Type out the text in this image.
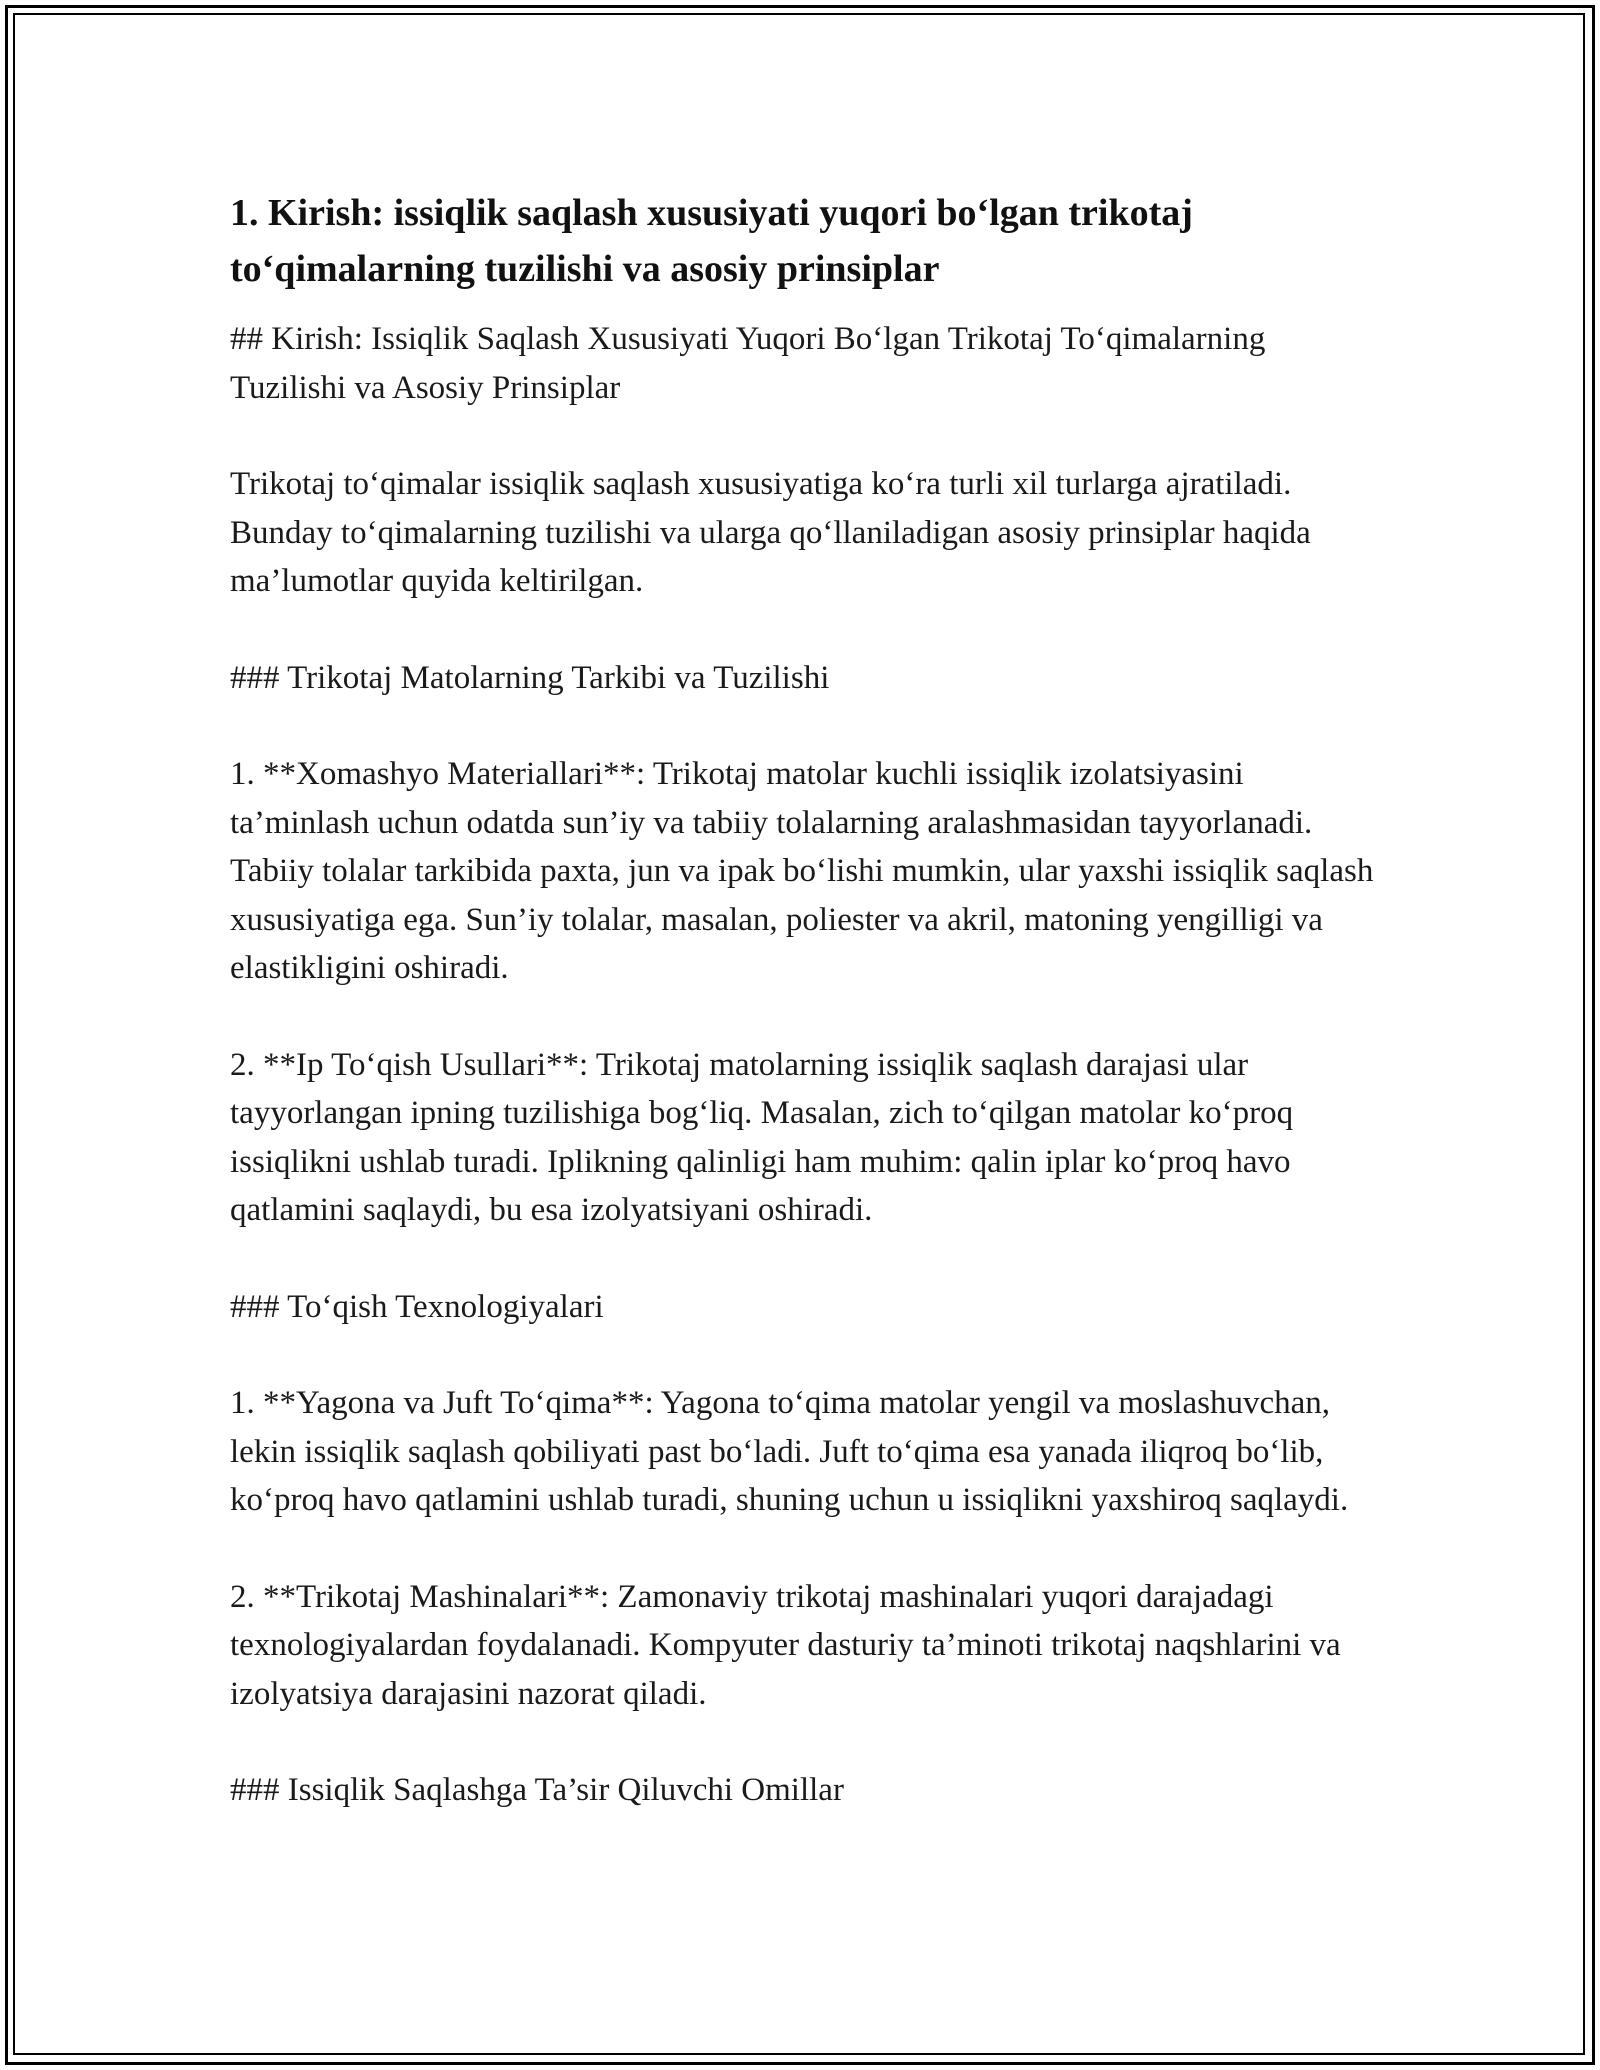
1. Kirish: issiqlik saqlash xususiyati yuqori bo‘lgan trikotaj to‘qimalarning tuzilishi va asosiy prinsiplar

## Kirish: Issiqlik Saqlash Xususiyati Yuqori Bo‘lgan Trikotaj To‘qimalarning Tuzilishi va Asosiy Prinsiplar

Trikotaj to‘qimalar issiqlik saqlash xususiyatiga ko‘ra turli xil turlarga ajratiladi. Bunday to‘qimalarning tuzilishi va ularga qo‘llaniladigan asosiy prinsiplar haqida ma’lumotlar quyida keltirilgan.

### Trikotaj Matolarning Tarkibi va Tuzilishi

1. **Xomashyo Materiallari**: Trikotaj matolar kuchli issiqlik izolatsiyasini ta’minlash uchun odatda sun’iy va tabiiy tolalarning aralashmasidan tayyorlanadi. Tabiiy tolalar tarkibida paxta, jun va ipak bo‘lishi mumkin, ular yaxshi issiqlik saqlash xususiyatiga ega. Sun’iy tolalar, masalan, poliester va akril, matoning yengilligi va elastikligini oshiradi.

2. **Ip To‘qish Usullari**: Trikotaj matolarning issiqlik saqlash darajasi ular tayyorlangan ipning tuzilishiga bog‘liq. Masalan, zich to‘qilgan matolar ko‘proq issiqlikni ushlab turadi. Iplikning qalinligi ham muhim: qalin iplar ko‘proq havo qatlamini saqlaydi, bu esa izolyatsiyani oshiradi.

### To‘qish Texnologiyalari

1. **Yagona va Juft To‘qima**: Yagona to‘qima matolar yengil va moslashuvchan, lekin issiqlik saqlash qobiliyati past bo‘ladi. Juft to‘qima esa yanada iliqroq bo‘lib, ko‘proq havo qatlamini ushlab turadi, shuning uchun u issiqlikni yaxshiroq saqlaydi.

2. **Trikotaj Mashinalari**: Zamonaviy trikotaj mashinalari yuqori darajadagi texnologiyalardan foydalanadi. Kompyuter dasturiy ta’minoti trikotaj naqshlarini va izolyatsiya darajasini nazorat qiladi.

### Issiqlik Saqlashga Ta’sir Qiluvchi Omillar
